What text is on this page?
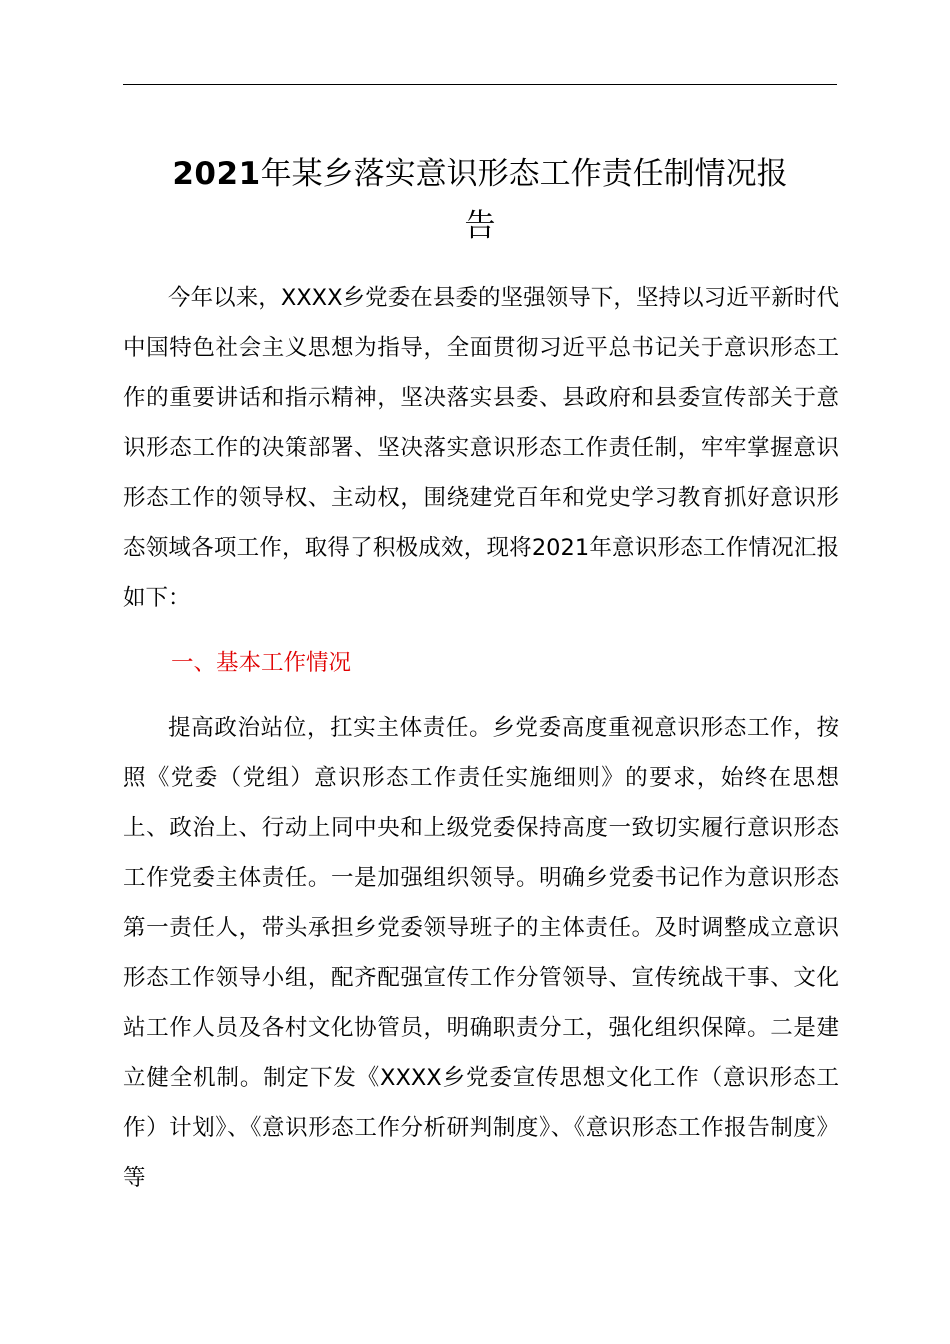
2021年某乡落实意识形态工作责任制情况报
告

今年以来，XXXX乡党委在县委的坚强领导下，坚持以习近平新时代中国特色社会主义思想为指导，全面贯彻习近平总书记关于意识形态工作的重要讲话和指示精神，坚决落实县委、县政府和县委宣传部关于意识形态工作的决策部署、坚决落实意识形态工作责任制，牢牢掌握意识形态工作的领导权、主动权，围绕建党百年和党史学习教育抓好意识形态领域各项工作，取得了积极成效，现将2021年意识形态工作情况汇报如下：

一、基本工作情况

提高政治站位，扛实主体责任。乡党委高度重视意识形态工作，按照《党委（党组）意识形态工作责任实施细则》的要求，始终在思想上、政治上、行动上同中央和上级党委保持高度一致切实履行意识形态工作党委主体责任。一是加强组织领导。明确乡党委书记作为意识形态第一责任人，带头承担乡党委领导班子的主体责任。及时调整成立意识形态工作领导小组，配齐配强宣传工作分管领导、宣传统战干事、文化站工作人员及各村文化协管员，明确职责分工，强化组织保障。二是建立健全机制。制定下发《XXXX乡党委宣传思想文化工作（意识形态工作）计划》、《意识形态工作分析研判制度》、《意识形态工作报告制度》等
